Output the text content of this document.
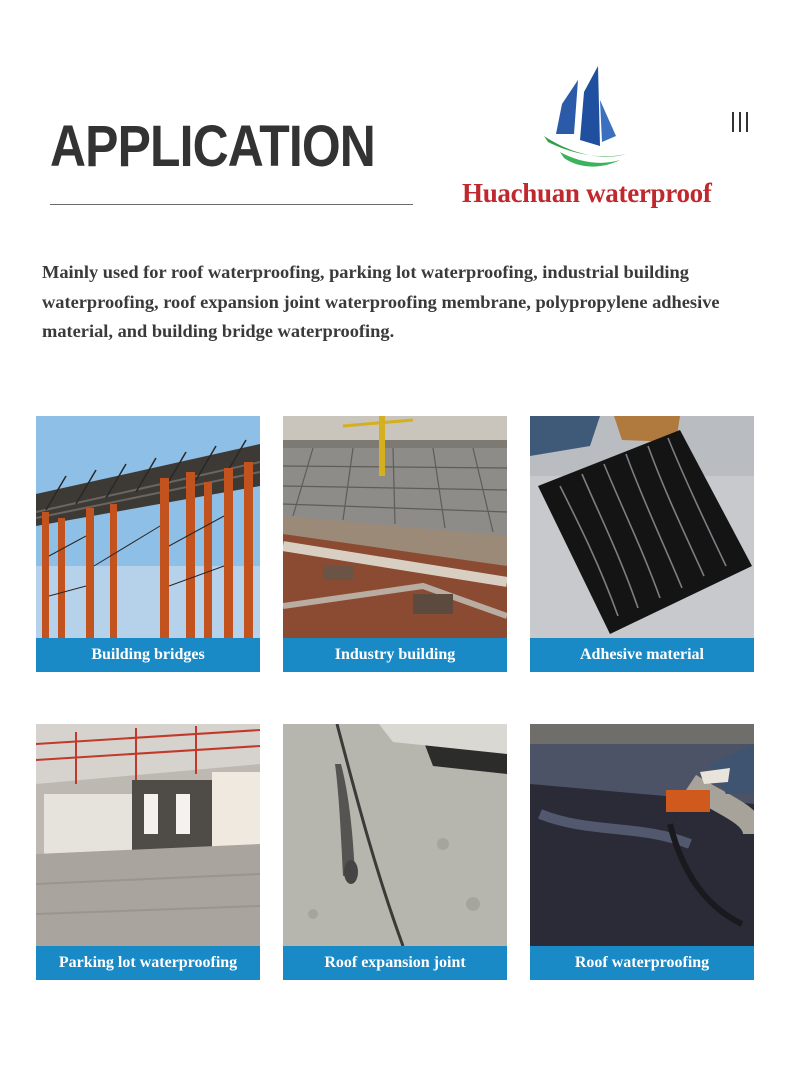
APPLICATION
Huachuan waterproof
Mainly used for roof waterproofing, parking lot waterproofing, industrial building waterproofing, roof expansion joint waterproofing membrane, polypropylene adhesive material, and building bridge waterproofing.
Building bridges	Industry building	Adhesive material
Parking lot waterproofing	Roof expansion joint	Roof waterproofing
